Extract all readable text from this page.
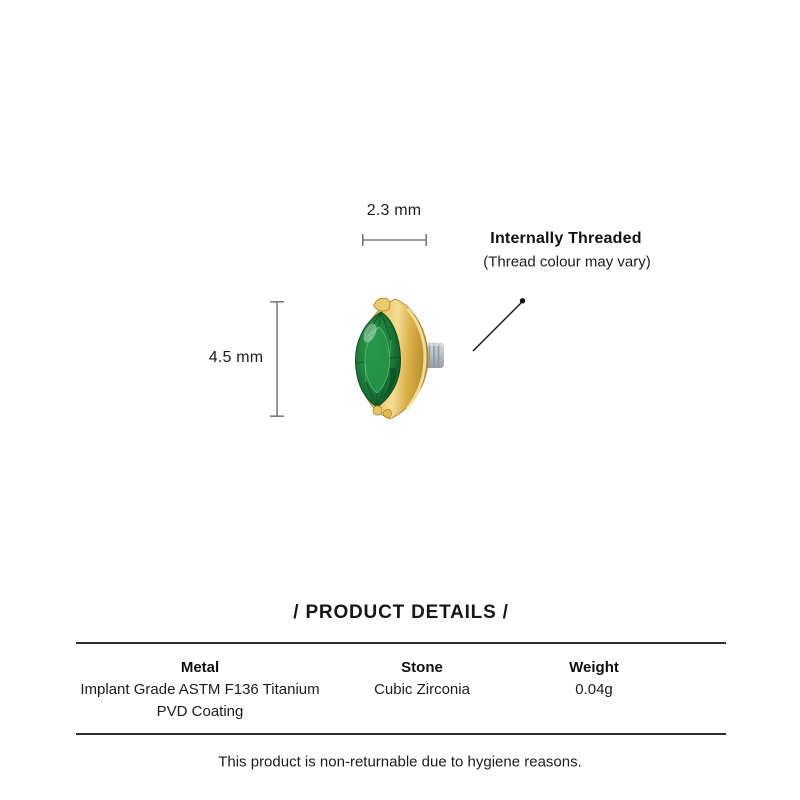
2.3 mm
4.5 mm
Internally Threaded
(Thread colour may vary)
/ PRODUCT DETAILS /
Metal
Implant Grade ASTM F136 Titanium
PVD Coating
Stone
Cubic Zirconia
Weight
0.04g
This product is non-returnable due to hygiene reasons.
